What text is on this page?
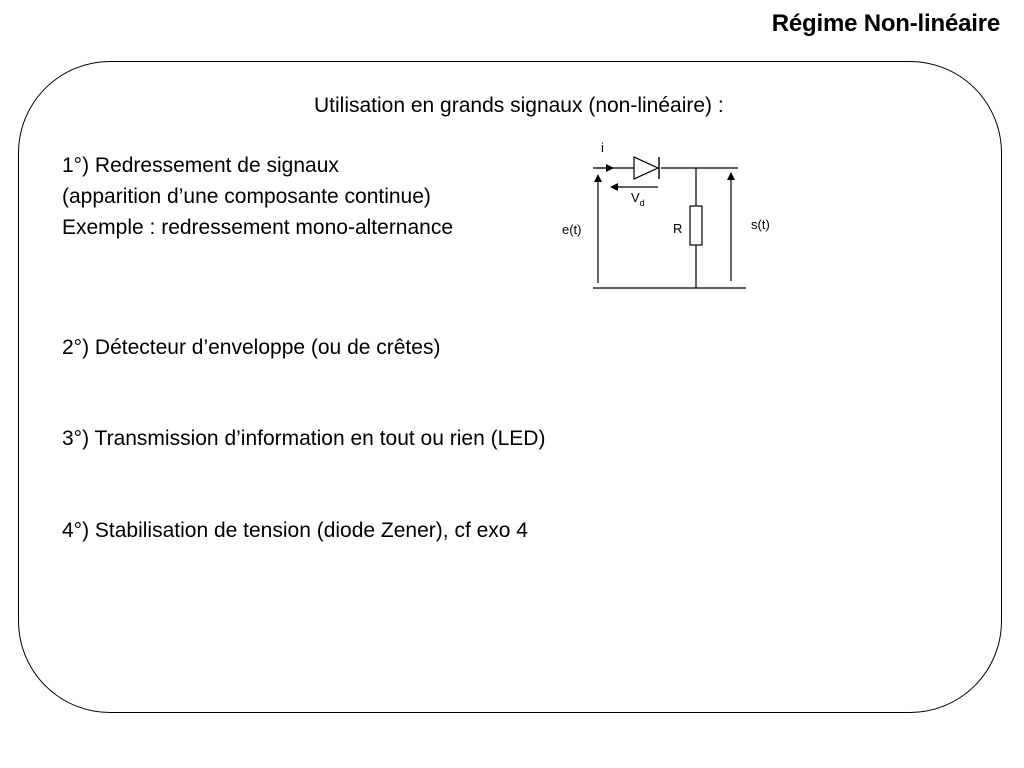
Régime Non-linéaire
Utilisation en grands signaux (non-linéaire) :
1°) Redressement de signaux
(apparition d’une composante continue)
Exemple : redressement mono-alternance
i
$V_d$
R
e(t)	s(t)
2°) Détecteur d’enveloppe (ou de crêtes)
3°) Transmission d’information en tout ou rien (LED)
4°) Stabilisation de tension (diode Zener), cf exo 4
